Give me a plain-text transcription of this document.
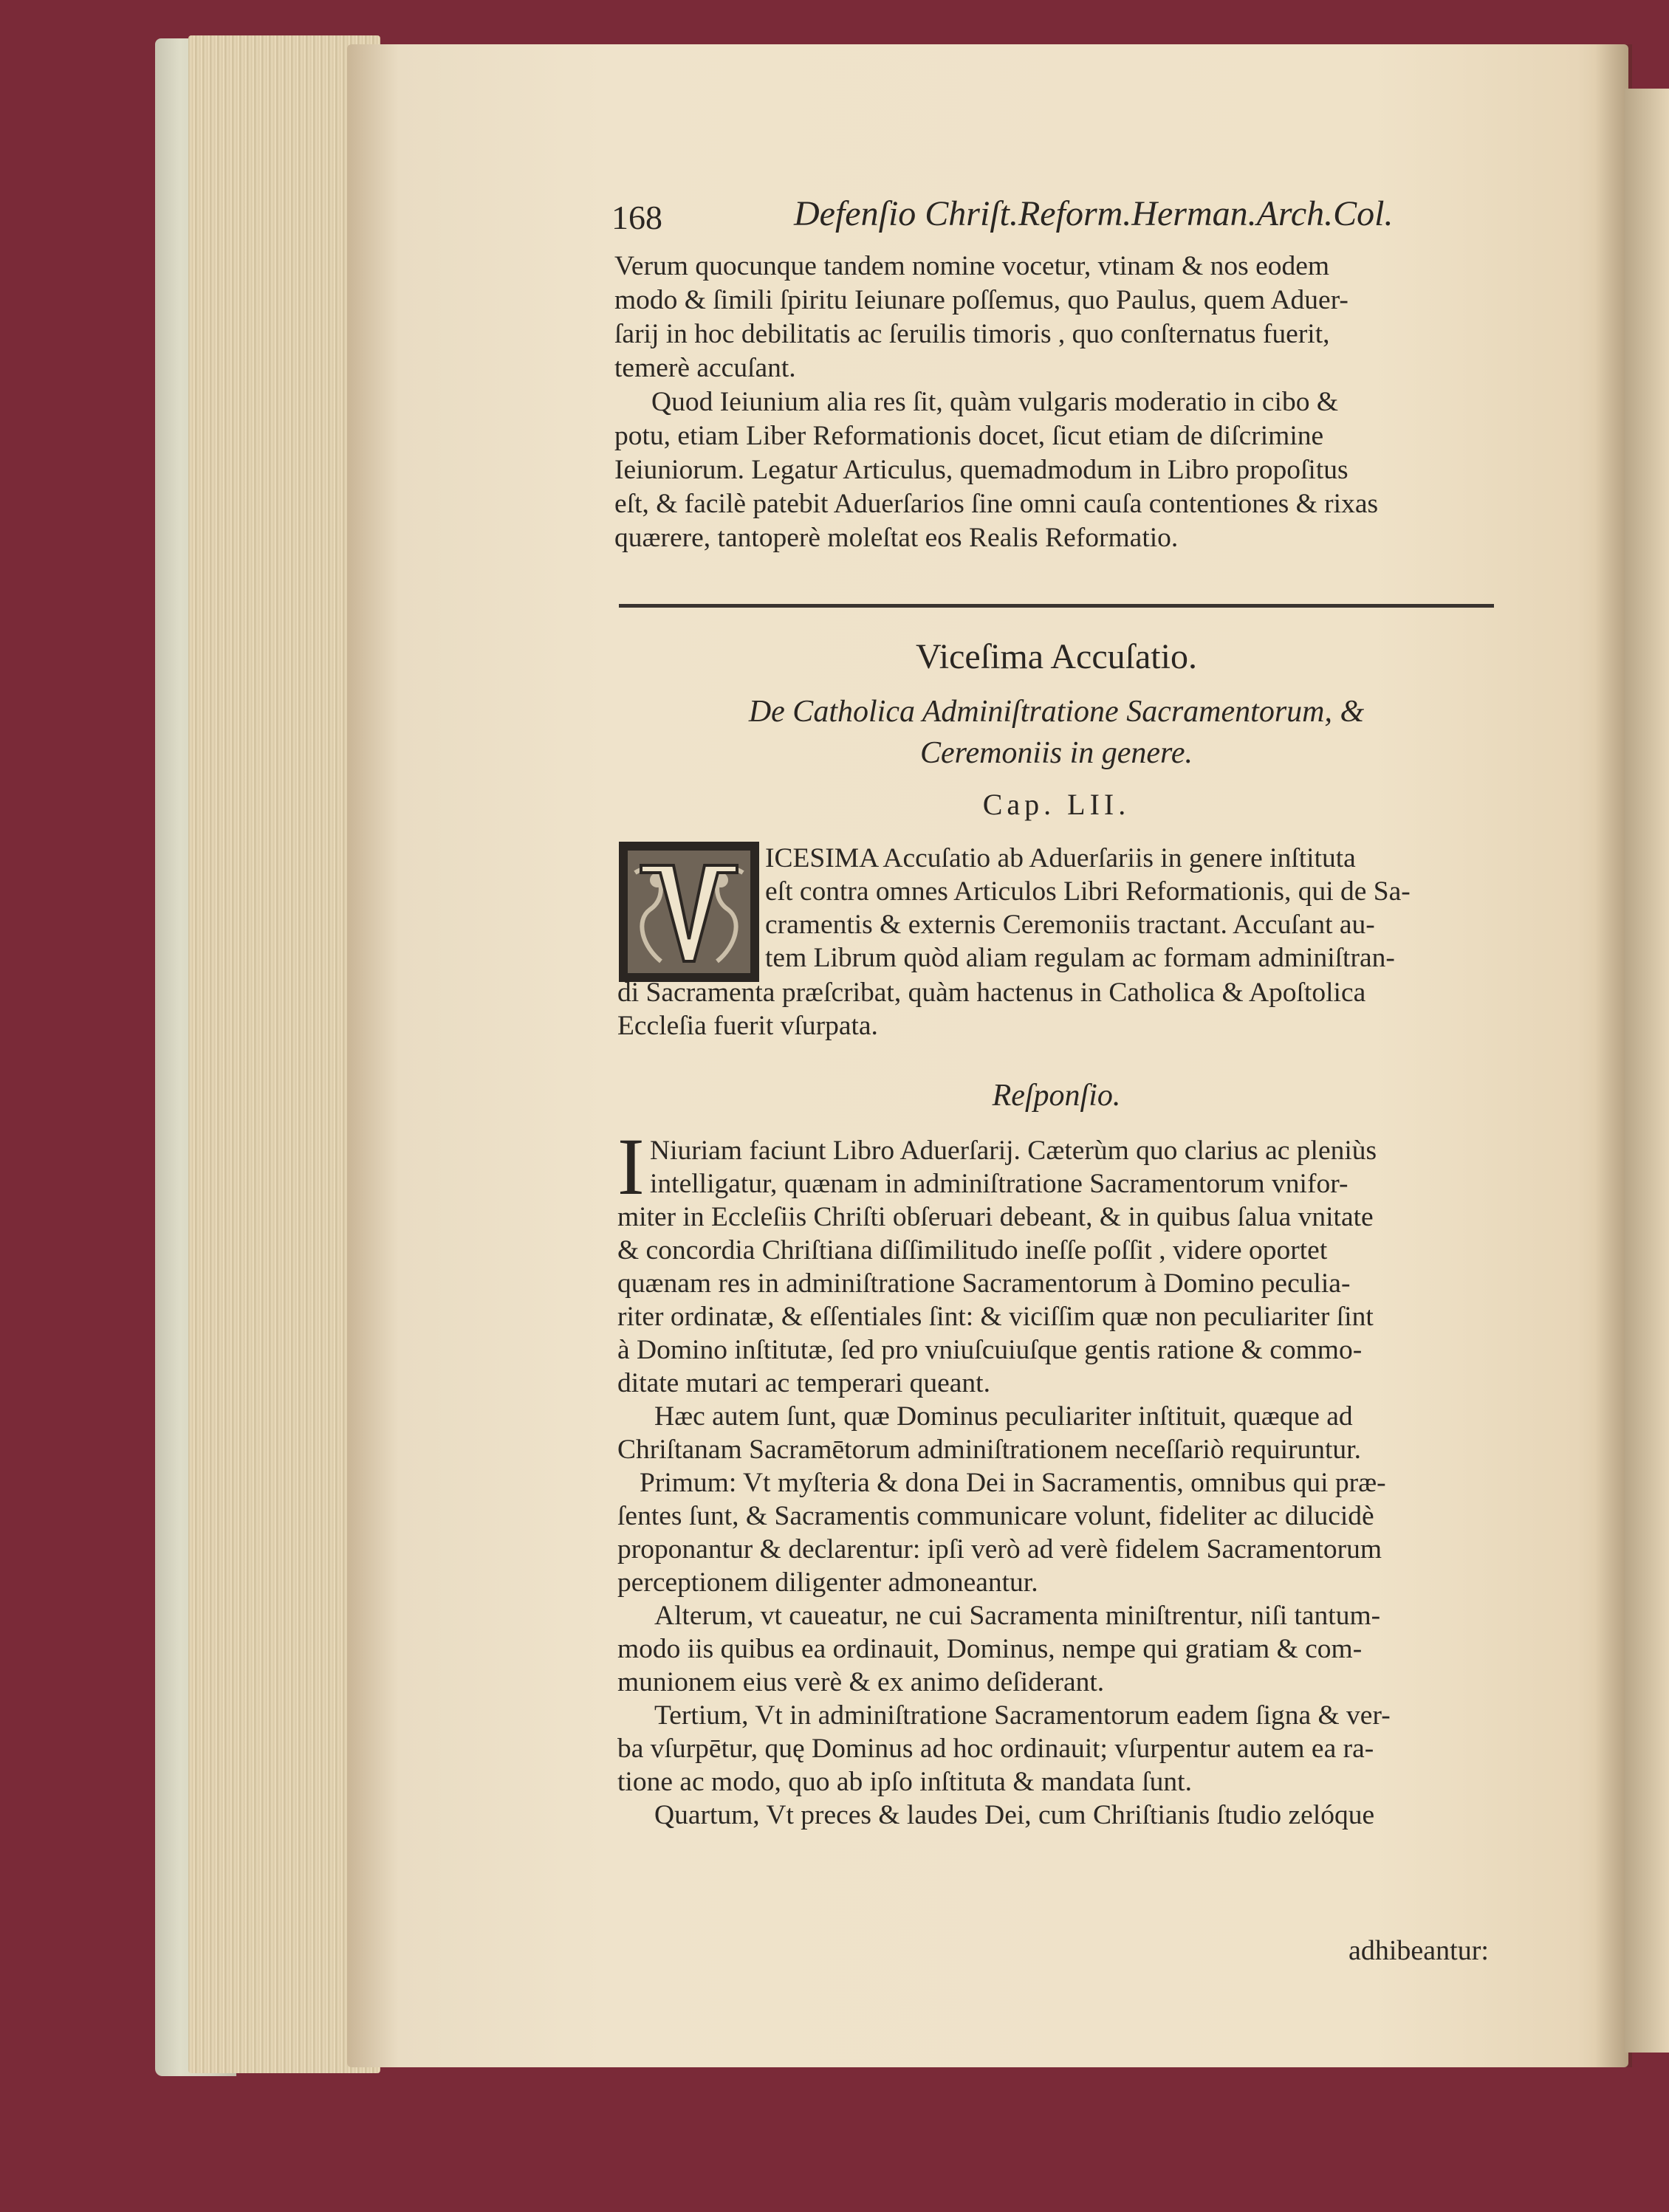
168	Defenſio Chriſt.Reform.Herman.Arch.Col.
Verum quocunque tandem nomine vocetur, vtinam & nos eodem
modo & ſimili ſpiritu Ieiunare poſſemus, quo Paulus, quem Aduer-
ſarij in hoc debilitatis ac ſeruilis timoris , quo conſternatus fuerit,
temerè accuſant.
Quod Ieiunium alia res ſit, quàm vulgaris moderatio in cibo &
potu, etiam Liber Reformationis docet, ſicut etiam de diſcrimine
Ieiuniorum. Legatur Articulus, quemadmodum in Libro propoſitus
eſt, & facilè patebit Aduerſarios ſine omni cauſa contentiones & rixas
quærere, tantoperè moleſtat eos Realis Reformatio.
Viceſima Accuſatio.
De Catholica Adminiſtratione Sacramentorum, &
Ceremoniis in genere.
Cap. LII.
ICESIMA Accuſatio ab Aduerſariis in genere inſtituta
eſt contra omnes Articulos Libri Reformationis, qui de Sa-
cramentis & externis Ceremoniis tractant. Accuſant au-
tem Librum quòd aliam regulam ac formam adminiſtran-
di Sacramenta præſcribat, quàm hactenus in Catholica & Apoſtolica
Eccleſia fuerit vſurpata.
Reſponſio.
I Niuriam faciunt Libro Aduerſarij. Cæterùm quo clarius ac pleniùs
intelligatur, quænam in adminiſtratione Sacramentorum vnifor-
miter in Eccleſiis Chriſti obſeruari debeant, & in quibus ſalua vnitate
& concordia Chriſtiana diſſimilitudo ineſſe poſſit , videre oportet
quænam res in adminiſtratione Sacramentorum à Domino peculia-
riter ordinatæ, & eſſentiales ſint: & viciſſim quæ non peculiariter ſint
à Domino inſtitutæ, ſed pro vniuſcuiuſque gentis ratione & commo-
ditate mutari ac temperari queant.
Hæc autem ſunt, quæ Dominus peculiariter inſtituit, quæque ad
Chriſtanam Sacramētorum adminiſtrationem neceſſariò requiruntur.
Primum: Vt myſteria & dona Dei in Sacramentis, omnibus qui præ-
ſentes ſunt, & Sacramentis communicare volunt, fideliter ac dilucidè
proponantur & declarentur: ipſi verò ad verè fidelem Sacramentorum
perceptionem diligenter admoneantur.
Alterum, vt caueatur, ne cui Sacramenta miniſtrentur, niſi tantum-
modo iis quibus ea ordinauit, Dominus, nempe qui gratiam & com-
munionem eius verè & ex animo deſiderant.
Tertium, Vt in adminiſtratione Sacramentorum eadem ſigna & ver-
ba vſurpētur, quę Dominus ad hoc ordinauit; vſurpentur autem ea ra-
tione ac modo, quo ab ipſo inſtituta & mandata ſunt.
Quartum, Vt preces & laudes Dei, cum Chriſtianis ſtudio zelóque
adhibeantur:
